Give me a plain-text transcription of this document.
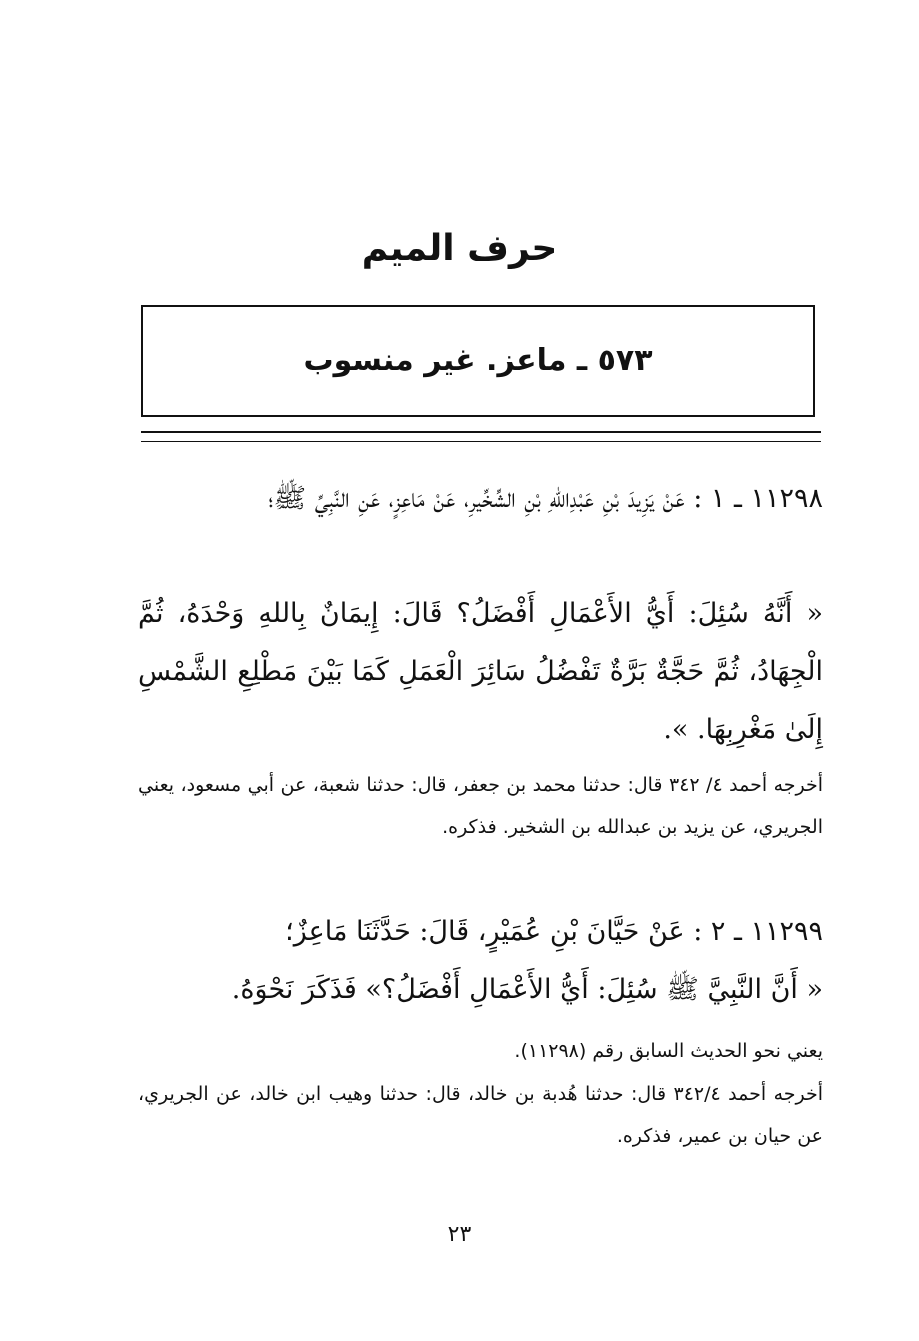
حرف الميم
٥٧٣ ـ ماعز. غير منسوب
١١٢٩٨ ـ ١ : عَنْ يَزِيدَ بْنِ عَبْدِاللهِ بْنِ الشِّخِّيرِ، عَنْ مَاعِزٍ، عَنِ النَّبِيِّ ﷺ؛
« أَنَّهُ سُئِلَ: أَيُّ الأَعْمَالِ أَفْضَلُ؟ قَالَ: إِيمَانٌ بِاللهِ وَحْدَهُ، ثُمَّ الْجِهَادُ، ثُمَّ حَجَّةٌ بَرَّةٌ تَفْضُلُ سَائِرَ الْعَمَلِ كَمَا بَيْنَ مَطْلِعِ الشَّمْسِ إِلَىٰ مَغْرِبِهَا. ».
أخرجه أحمد ٤/ ٣٤٢ قال: حدثنا محمد بن جعفر، قال: حدثنا شعبة، عن أبي مسعود، يعني الجريري، عن يزيد بن عبدالله بن الشخير. فذكره.
١١٢٩٩ ـ ٢ : عَنْ حَيَّانَ بْنِ عُمَيْرٍ، قَالَ: حَدَّثَنَا مَاعِزٌ؛
« أَنَّ النَّبِيَّ ﷺ سُئِلَ: أَيُّ الأَعْمَالِ أَفْضَلُ؟» فَذَكَرَ نَحْوَهُ.
يعني نحو الحديث السابق رقم (١١٢٩٨).
أخرجه أحمد ٣٤٢/٤ قال: حدثنا هُدبة بن خالد، قال: حدثنا وهيب ابن خالد، عن الجريري، عن حيان بن عمير، فذكره.
٢٣
